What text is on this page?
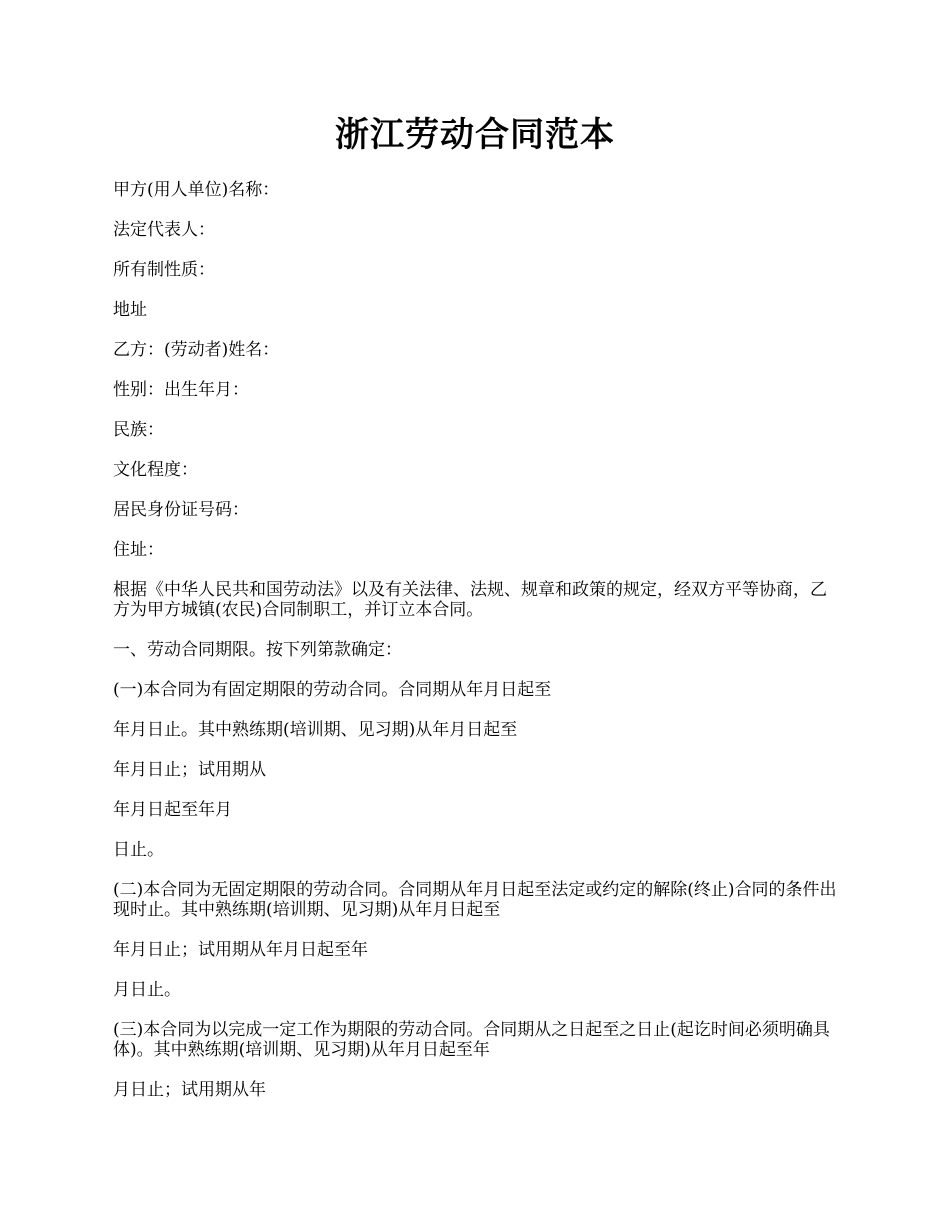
浙江劳动合同范本

甲方(用人单位)名称：

法定代表人：

所有制性质：

地址

乙方：(劳动者)姓名：

性别：出生年月：

民族：

文化程度：

居民身份证号码：

住址：

根据《中华人民共和国劳动法》以及有关法律、法规、规章和政策的规定，经双方平等协商，乙方为甲方城镇(农民)合同制职工，并订立本合同。

一、劳动合同期限。按下列第款确定：

(一)本合同为有固定期限的劳动合同。合同期从年月日起至

年月日止。其中熟练期(培训期、见习期)从年月日起至

年月日止；试用期从

年月日起至年月

日止。

(二)本合同为无固定期限的劳动合同。合同期从年月日起至法定或约定的解除(终止)合同的条件出现时止。其中熟练期(培训期、见习期)从年月日起至

年月日止；试用期从年月日起至年

月日止。

(三)本合同为以完成一定工作为期限的劳动合同。合同期从之日起至之日止(起讫时间必须明确具体)。其中熟练期(培训期、见习期)从年月日起至年

月日止；试用期从年
